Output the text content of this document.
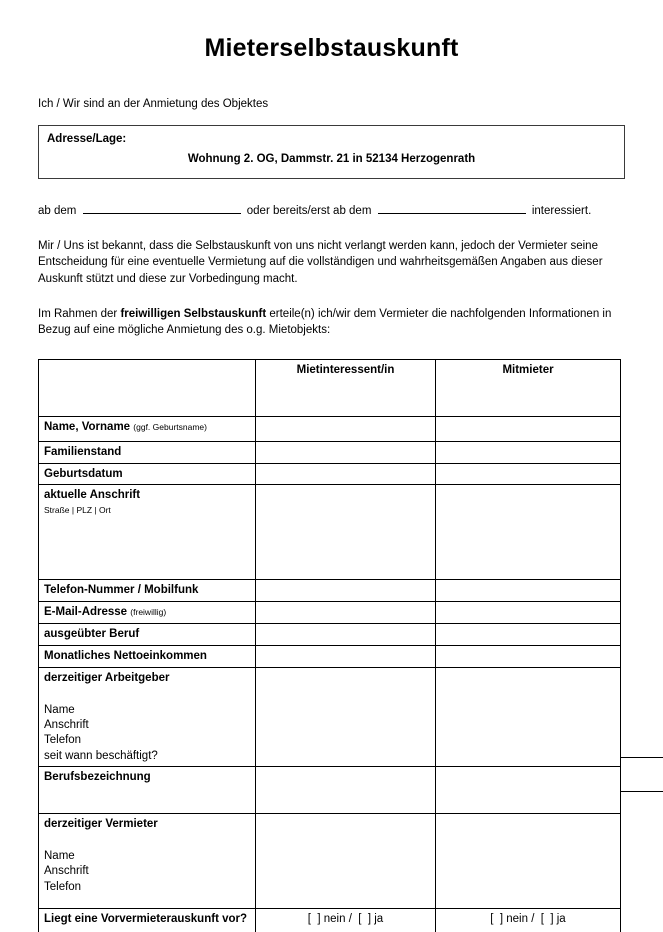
Mieterselbstauskunft

Ich / Wir sind an der Anmietung des Objektes

Adresse/Lage:
Wohnung 2. OG, Dammstr. 21 in 52134 Herzogenrath

ab dem	oder bereits/erst ab dem	interessiert.

Mir / Uns ist bekannt, dass die Selbstauskunft von uns nicht verlangt werden kann, jedoch der Vermieter seine Entscheidung für eine eventuelle Vermietung auf die vollständigen und wahrheitsgemäßen Angaben aus dieser Auskunft stützt und diese zur Vorbedingung macht.

Im Rahmen der freiwilligen Selbstauskunft erteile(n) ich/wir dem Vermieter die nachfolgenden Informationen in Bezug auf eine mögliche Anmietung des o.g. Mietobjekts:

	Mietinteressent/in	Mitmieter
Name, Vorname (ggf. Geburtsname)		
Familienstand		
Geburtsdatum		
aktuelle Anschrift
Straße | PLZ | Ort		

Telefon-Nummer / Mobilfunk		
E-Mail-Adresse (freiwillig)		
ausgeübter Beruf		
Monatliches Nettoeinkommen		
derzeitiger Arbeitgeber
Name
Anschrift
Telefon
seit wann beschäftigt?		

Berufsbezeichnung		
derzeitiger Vermieter
Name
Anschrift
Telefon		

Liegt eine Vorvermieterauskunft vor?	[  ] nein /  [  ] ja	[  ] nein /  [  ] ja
